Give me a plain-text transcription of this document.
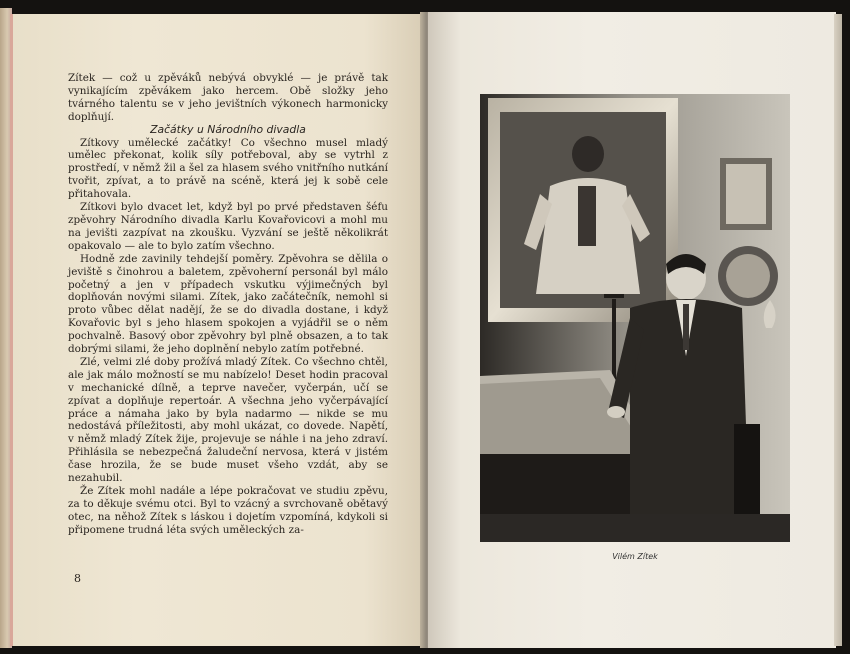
Zítek — což u zpěváků nebývá obvyklé — je právě tak vynikajícím zpěvákem jako hercem. Obě složky jeho tvárného talentu se v jeho jevištních výkonech harmonicky doplňují.

Začátky u Národního divadla

Zítkovy umělecké začátky! Co všechno musel mladý umělec překonat, kolik síly potřeboval, aby se vytrhl z prostředí, v němž žil a šel za hlasem svého vnitřního nutkání tvořit, zpívat, a to právě na scéně, která jej k sobě cele přitahovala.

Zítkovi bylo dvacet let, když byl po prvé představen šéfu zpěvohry Národního divadla Karlu Kovařovicovi a mohl mu na jevišti zazpívat na zkoušku. Vyzvání se ještě několikrát opakovalo — ale to bylo zatím všechno.

Hodně zde zavinily tehdejší poměry. Zpěvohra se dělila o jeviště s činohrou a baletem, zpěvoherní personál byl málo početný a jen v případech vskutku výjimečných byl doplňován novými silami. Zítek, jako začátečník, nemohl si proto vůbec dělat nadějí, že se do divadla dostane, i když Kovařovic byl s jeho hlasem spokojen a vyjádřil se o něm pochvalně. Basový obor zpěvohry byl plně obsazen, a to tak dobrými silami, že jeho doplnění nebylo zatím potřebné.

Zlé, velmi zlé doby prožívá mladý Zítek. Co všechno chtěl, ale jak málo možností se mu nabízelo! Deset hodin pracoval v mechanické dílně, a teprve navečer, vyčerpán, učí se zpívat a doplňuje repertoár. A všechna jeho vyčerpávající práce a námaha jako by byla nadarmo — nikde se mu nedostává příležitosti, aby mohl ukázat, co dovede. Napětí, v němž mladý Zítek žije, projevuje se náhle i na jeho zdraví. Přihlásila se nebezpečná žaludeční nervosa, která v jistém čase hrozila, že se bude muset všeho vzdát, aby se nezahubil.

Že Zítek mohl nadále a lépe pokračovat ve studiu zpěvu, za to děkuje svému otci. Byl to vzácný a svrchovaně obětavý otec, na něhož Zítek s láskou i dojetím vzpomíná, kdykoli si připomene trudná léta svých uměleckých za-

8
Vilém Zítek
